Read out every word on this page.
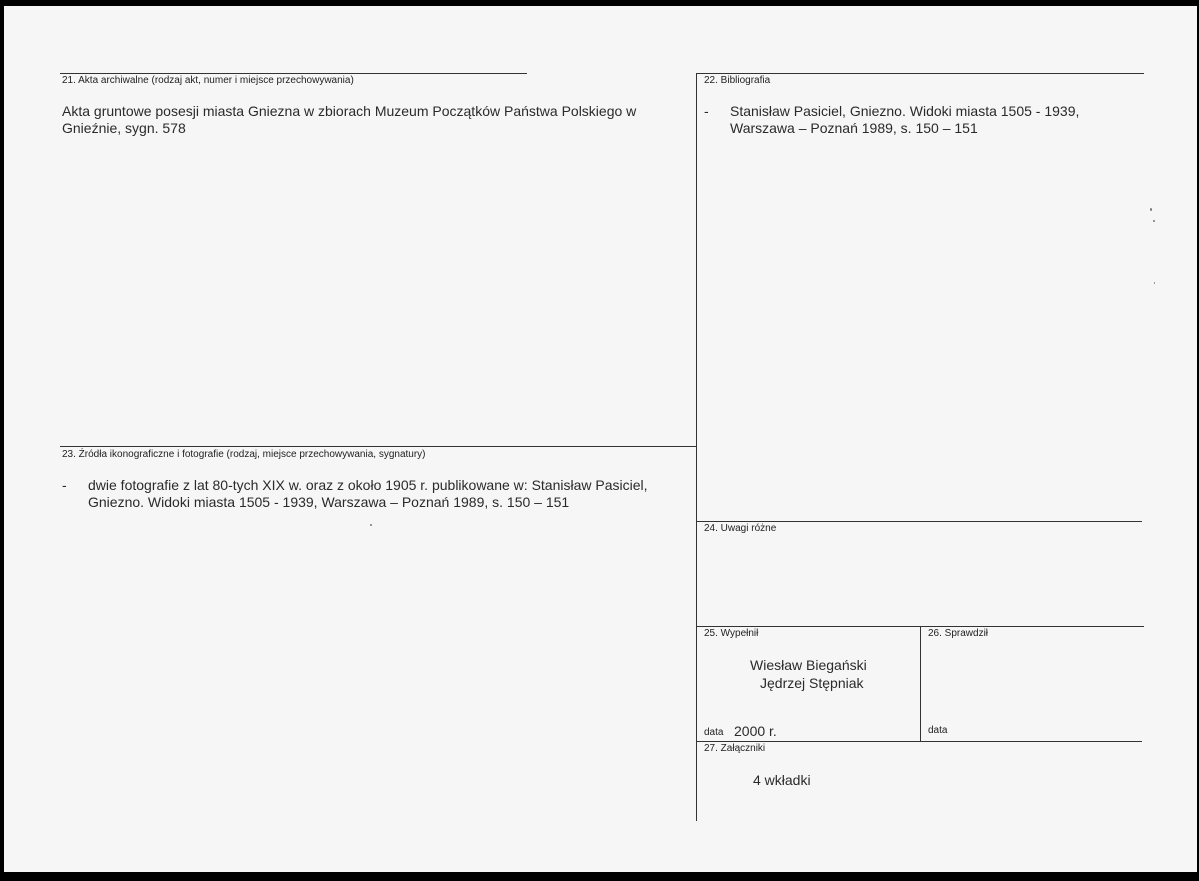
21. Akta archiwalne (rodzaj akt, numer i miejsce przechowywania)
Akta gruntowe posesji miasta Gniezna w zbiorach Muzeum Początków Państwa Polskiego w Gnieźnie, sygn. 578
22. Bibliografia
-	Stanisław Pasiciel, Gniezno. Widoki miasta 1505 - 1939, Warszawa – Poznań 1989, s. 150 – 151
23. Źródła ikonograficzne i fotografie (rodzaj, miejsce przechowywania, sygnatury)
-	dwie fotografie z lat 80-tych XIX w. oraz z około 1905 r. publikowane w: Stanisław Pasiciel, Gniezno. Widoki miasta 1505 - 1939, Warszawa – Poznań 1989, s. 150 – 151
24. Uwagi różne
25. Wypełnił
Wiesław Biegański
Jędrzej Stępniak
data 2000 r.
26. Sprawdził
data
27. Załączniki
4 wkładki
